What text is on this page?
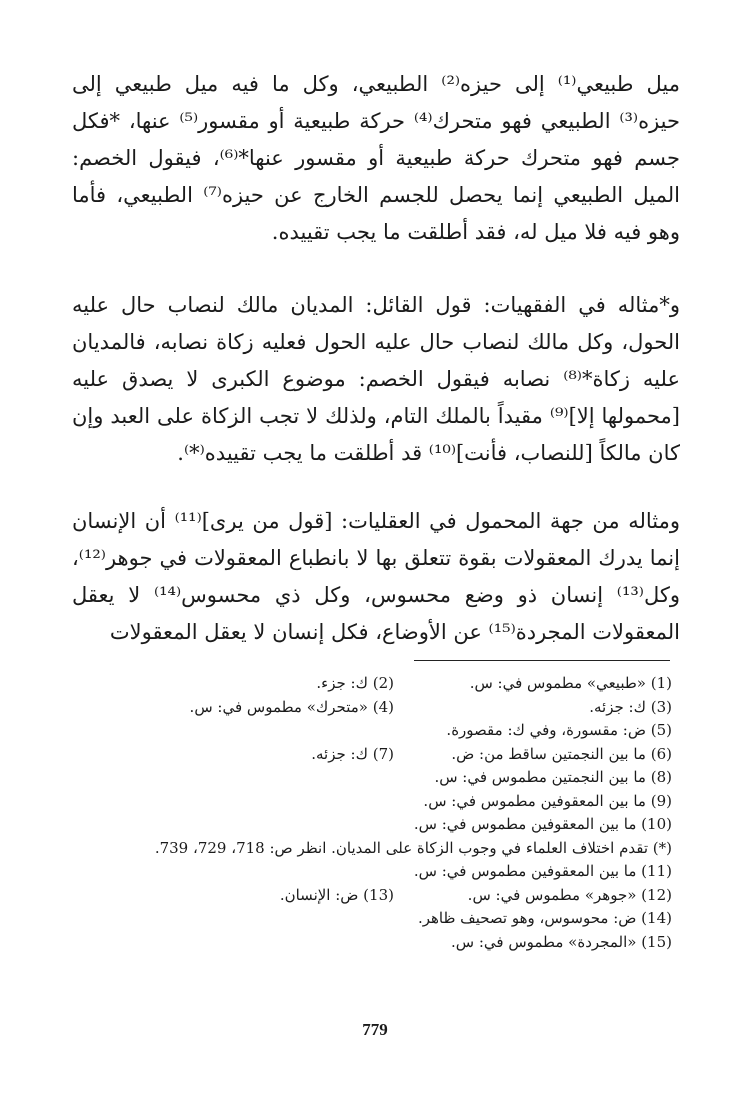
ميل طبيعي⁽¹⁾ إلى حيزه⁽²⁾ الطبيعي، وكل ما فيه ميل طبيعي إلى حيزه⁽³⁾ الطبيعي فهو متحرك⁽⁴⁾ حركة طبيعية أو مقسور⁽⁵⁾ عنها، *فكل جسم فهو متحرك حركة طبيعية أو مقسور عنها*⁽⁶⁾، فيقول الخصم: الميل الطبيعي إنما يحصل للجسم الخارج عن حيزه⁽⁷⁾ الطبيعي، فأما وهو فيه فلا ميل له، فقد أطلقت ما يجب تقييده.
و*مثاله في الفقهيات: قول القائل: المديان مالك لنصاب حال عليه الحول، وكل مالك لنصاب حال عليه الحول فعليه زكاة نصابه، فالمديان عليه زكاة*⁽⁸⁾ نصابه فيقول الخصم: موضوع الكبرى لا يصدق عليه [محمولها إلا]⁽⁹⁾ مقيداً بالملك التام، ولذلك لا تجب الزكاة على العبد وإن كان مالكاً [للنصاب، فأنت]⁽¹⁰⁾ قد أطلقت ما يجب تقييده⁽*⁾.
ومثاله من جهة المحمول في العقليات: [قول من يرى]⁽¹¹⁾ أن الإنسان إنما يدرك المعقولات بقوة تتعلق بها لا بانطباع المعقولات في جوهر⁽¹²⁾، وكل⁽¹³⁾ إنسان ذو وضع محسوس، وكل ذي محسوس⁽¹⁴⁾ لا يعقل المعقولات المجردة⁽¹⁵⁾ عن الأوضاع، فكل إنسان لا يعقل المعقولات
(1) «طبيعي» مطموس في: س.
(2) ك: جزء.
(3) ك: جزئه.
(4) «متحرك» مطموس في: س.
(5) ض: مقسورة، وفي ك: مقصورة.
(6) ما بين النجمتين ساقط من: ض.
(7) ك: جزئه.
(8) ما بين النجمتين مطموس في: س.
(9) ما بين المعقوفين مطموس في: س.
(10) ما بين المعقوفين مطموس في: س.
(*) تقدم اختلاف العلماء في وجوب الزكاة على المديان. انظر ص: 718، 729، 739.
(11) ما بين المعقوفين مطموس في: س.
(12) «جوهر» مطموس في: س.
(13) ض: الإنسان.
(14) ض: محوسوس، وهو تصحيف ظاهر.
(15) «المجردة» مطموس في: س.
779
